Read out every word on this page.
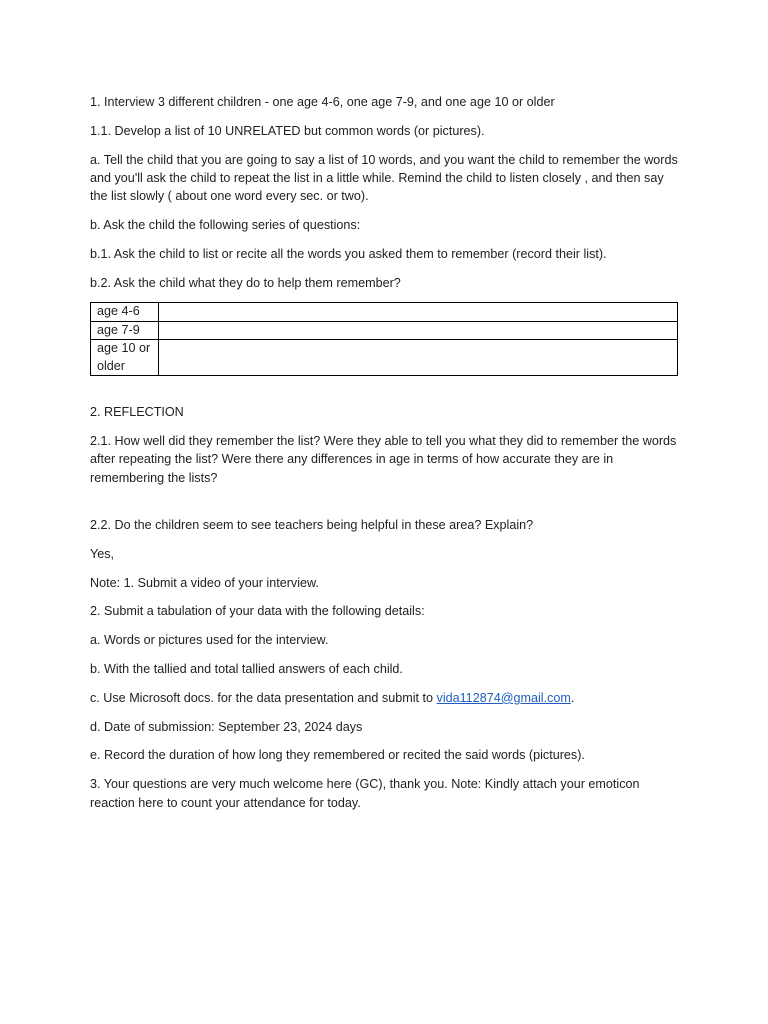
1. Interview 3 different children - one age 4-6, one age 7-9, and one age 10 or older

1.1. Develop a list of 10 UNRELATED but common words (or pictures).

a. Tell the child that you are going to say a list of 10 words, and you want the child to remember the words and you'll ask the child to repeat the list in a little while. Remind the child to listen closely , and then say the list slowly ( about one word every sec. or two).

b. Ask the child the following series of questions:

b.1. Ask the child to list or recite all the words you asked them to remember (record their list).

b.2. Ask the child what they do to help them remember?

age 4-6	
age 7-9	
age 10 or older	

2. REFLECTION

2.1. How well did they remember the list? Were they able to tell you what they did to remember the words after repeating the list? Were there any differences in age in terms of how accurate they are in remembering the lists?

2.2. Do the children seem to see teachers being helpful in these area? Explain?

Yes,

Note: 1. Submit a video of your interview.

2. Submit a tabulation of your data with the following details:

a. Words or pictures used for the interview.

b. With the tallied and total tallied answers of each child.

c. Use Microsoft docs. for the data presentation and submit to vida112874@gmail.com.

d. Date of submission: September 23, 2024 days

e. Record the duration of how long they remembered or recited the said words (pictures).

3. Your questions are very much welcome here (GC), thank you. Note: Kindly attach your emoticon reaction here to count your attendance for today.
